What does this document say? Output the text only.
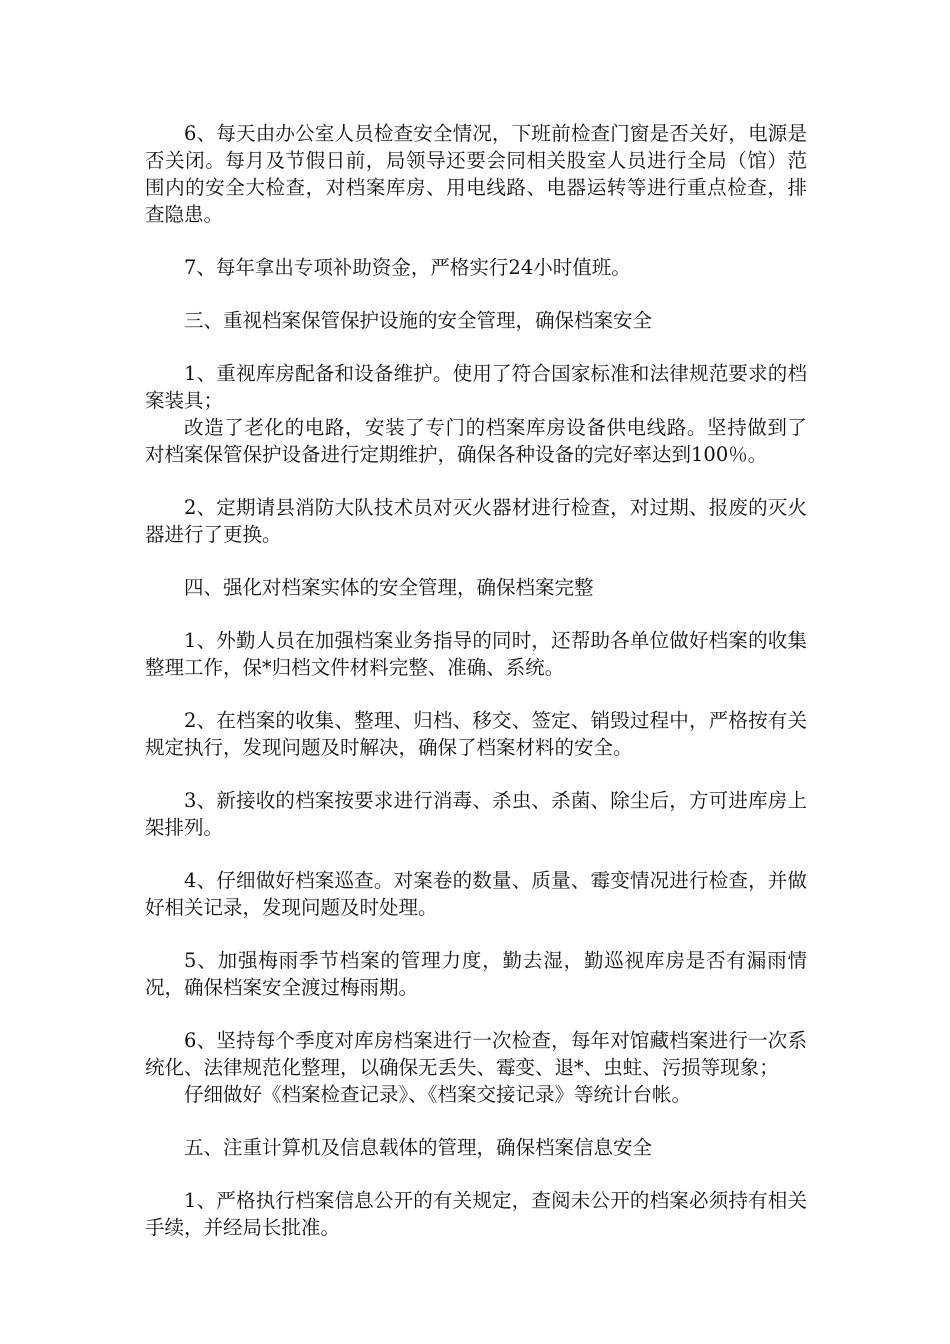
6、每天由办公室人员检查安全情况，下班前检查门窗是否关好，电源是否关闭。每月及节假日前，局领导还要会同相关股室人员进行全局（馆）范围内的安全大检查，对档案库房、用电线路、电器运转等进行重点检查，排查隐患。

7、每年拿出专项补助资金，严格实行24小时值班。

三、重视档案保管保护设施的安全管理，确保档案安全

1、重视库房配备和设备维护。使用了符合国家标准和法律规范要求的档案装具；

改造了老化的电路，安装了专门的档案库房设备供电线路。坚持做到了对档案保管保护设备进行定期维护，确保各种设备的完好率达到100％。

2、定期请县消防大队技术员对灭火器材进行检查，对过期、报废的灭火器进行了更换。

四、强化对档案实体的安全管理，确保档案完整

1、外勤人员在加强档案业务指导的同时，还帮助各单位做好档案的收集整理工作，保*归档文件材料完整、准确、系统。

2、在档案的收集、整理、归档、移交、签定、销毁过程中，严格按有关规定执行，发现问题及时解决，确保了档案材料的安全。

3、新接收的档案按要求进行消毒、杀虫、杀菌、除尘后，方可进库房上架排列。

4、仔细做好档案巡查。对案卷的数量、质量、霉变情况进行检查，并做好相关记录，发现问题及时处理。

5、加强梅雨季节档案的管理力度，勤去湿，勤巡视库房是否有漏雨情况，确保档案安全渡过梅雨期。

6、坚持每个季度对库房档案进行一次检查，每年对馆藏档案进行一次系统化、法律规范化整理，以确保无丢失、霉变、退*、虫蛀、污损等现象；

仔细做好《档案检查记录》、《档案交接记录》等统计台帐。

五、注重计算机及信息载体的管理，确保档案信息安全

1、严格执行档案信息公开的有关规定，查阅未公开的档案必须持有相关手续，并经局长批准。
